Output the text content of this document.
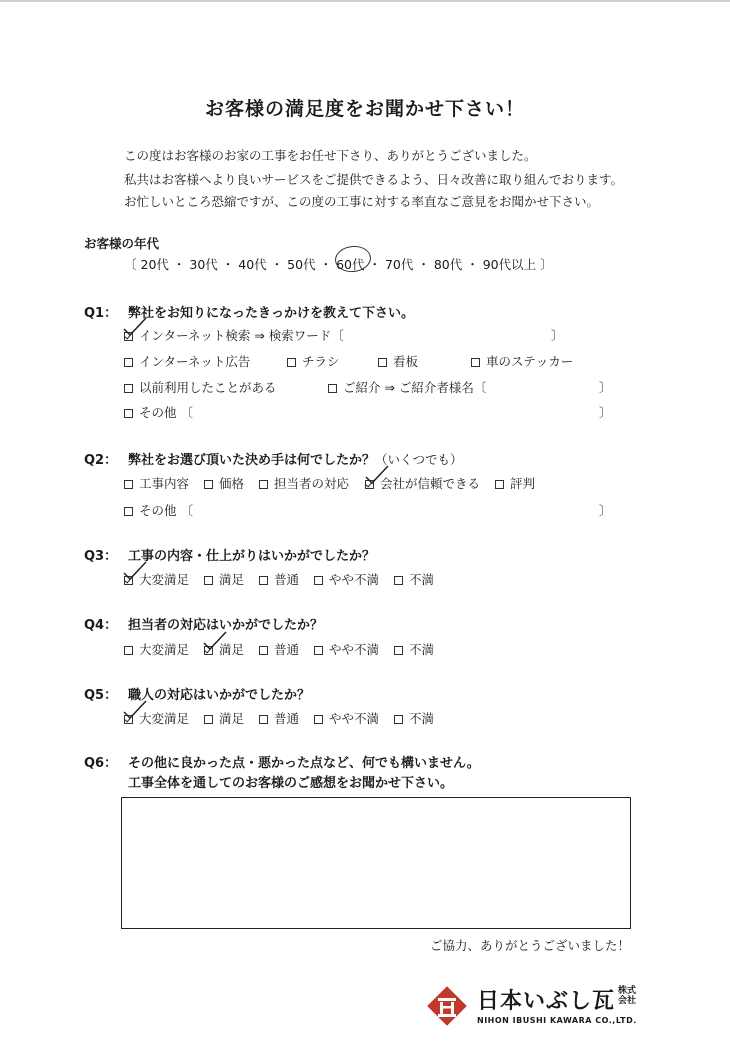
お客様の満足度をお聞かせ下さい！
この度はお客様のお家の工事をお任せ下さり、ありがとうございました。
私共はお客様へより良いサービスをご提供できるよう、日々改善に取り組んでおります。
お忙しいところ恐縮ですが、この度の工事に対する率直なご意見をお聞かせ下さい。
お客様の年代
〔 20代 ・ 30代 ・ 40代 ・ 50代 ・ 60代 ・ 70代 ・ 80代 ・ 90代以上 〕
Q1： 弊社をお知りになったきっかけを教えて下さい。
インターネット検索 ⇒ 検索ワード〔	〕
インターネット広告	チラシ	看板	車のステッカー
以前利用したことがある	ご紹介 ⇒ ご紹介者様名〔	〕
その他 〔	〕
Q2： 弊社をお選び頂いた決め手は何でしたか？（いくつでも）
工事内容	価格	担当者の対応	会社が信頼できる	評判
その他 〔	〕
Q3： 工事の内容・仕上がりはいかがでしたか？
大変満足	満足	普通	やや不満	不満
Q4： 担当者の対応はいかがでしたか？
大変満足	満足	普通	やや不満	不満
Q5： 職人の対応はいかがでしたか？
大変満足	満足	普通	やや不満	不満
Q6： その他に良かった点・悪かった点など、何でも構いません。
工事全体を通してのお客様のご感想をお聞かせ下さい。
ご協力、ありがとうございました！
日本いぶし瓦 株式
会社
NIHON IBUSHI KAWARA CO.,LTD.
